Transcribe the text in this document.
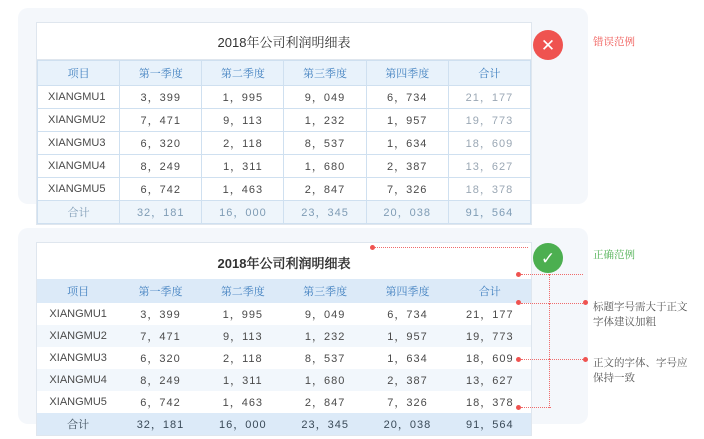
2018年公司利润明细表
项目	第一季度	第二季度	第三季度	第四季度	合计
XIANGMU1	3，399	1，995	9，049	6，734	21，177
XIANGMU2	7，471	9，113	1，232	1，957	19，773
XIANGMU3	6，320	2，118	8，537	1，634	18，609
XIANGMU4	8，249	1，311	1，680	2，387	13，627
XIANGMU5	6，742	1，463	2，847	7，326	18，378
合计	32，181	16，000	23，345	20，038	91，564
✕	错误范例
2018年公司利润明细表
项目	第一季度	第二季度	第三季度	第四季度	合计
XIANGMU1	3，399	1，995	9，049	6，734	21，177
XIANGMU2	7，471	9，113	1，232	1，957	19，773
XIANGMU3	6，320	2，118	8，537	1，634	18，609
XIANGMU4	8，249	1，311	1，680	2，387	13，627
XIANGMU5	6，742	1，463	2，847	7，326	18，378
合计	32，181	16，000	23，345	20，038	91，564
✓	正确范例
标题字号需大于正文 字体建议加粗
正文的字体、字号应 保持一致
